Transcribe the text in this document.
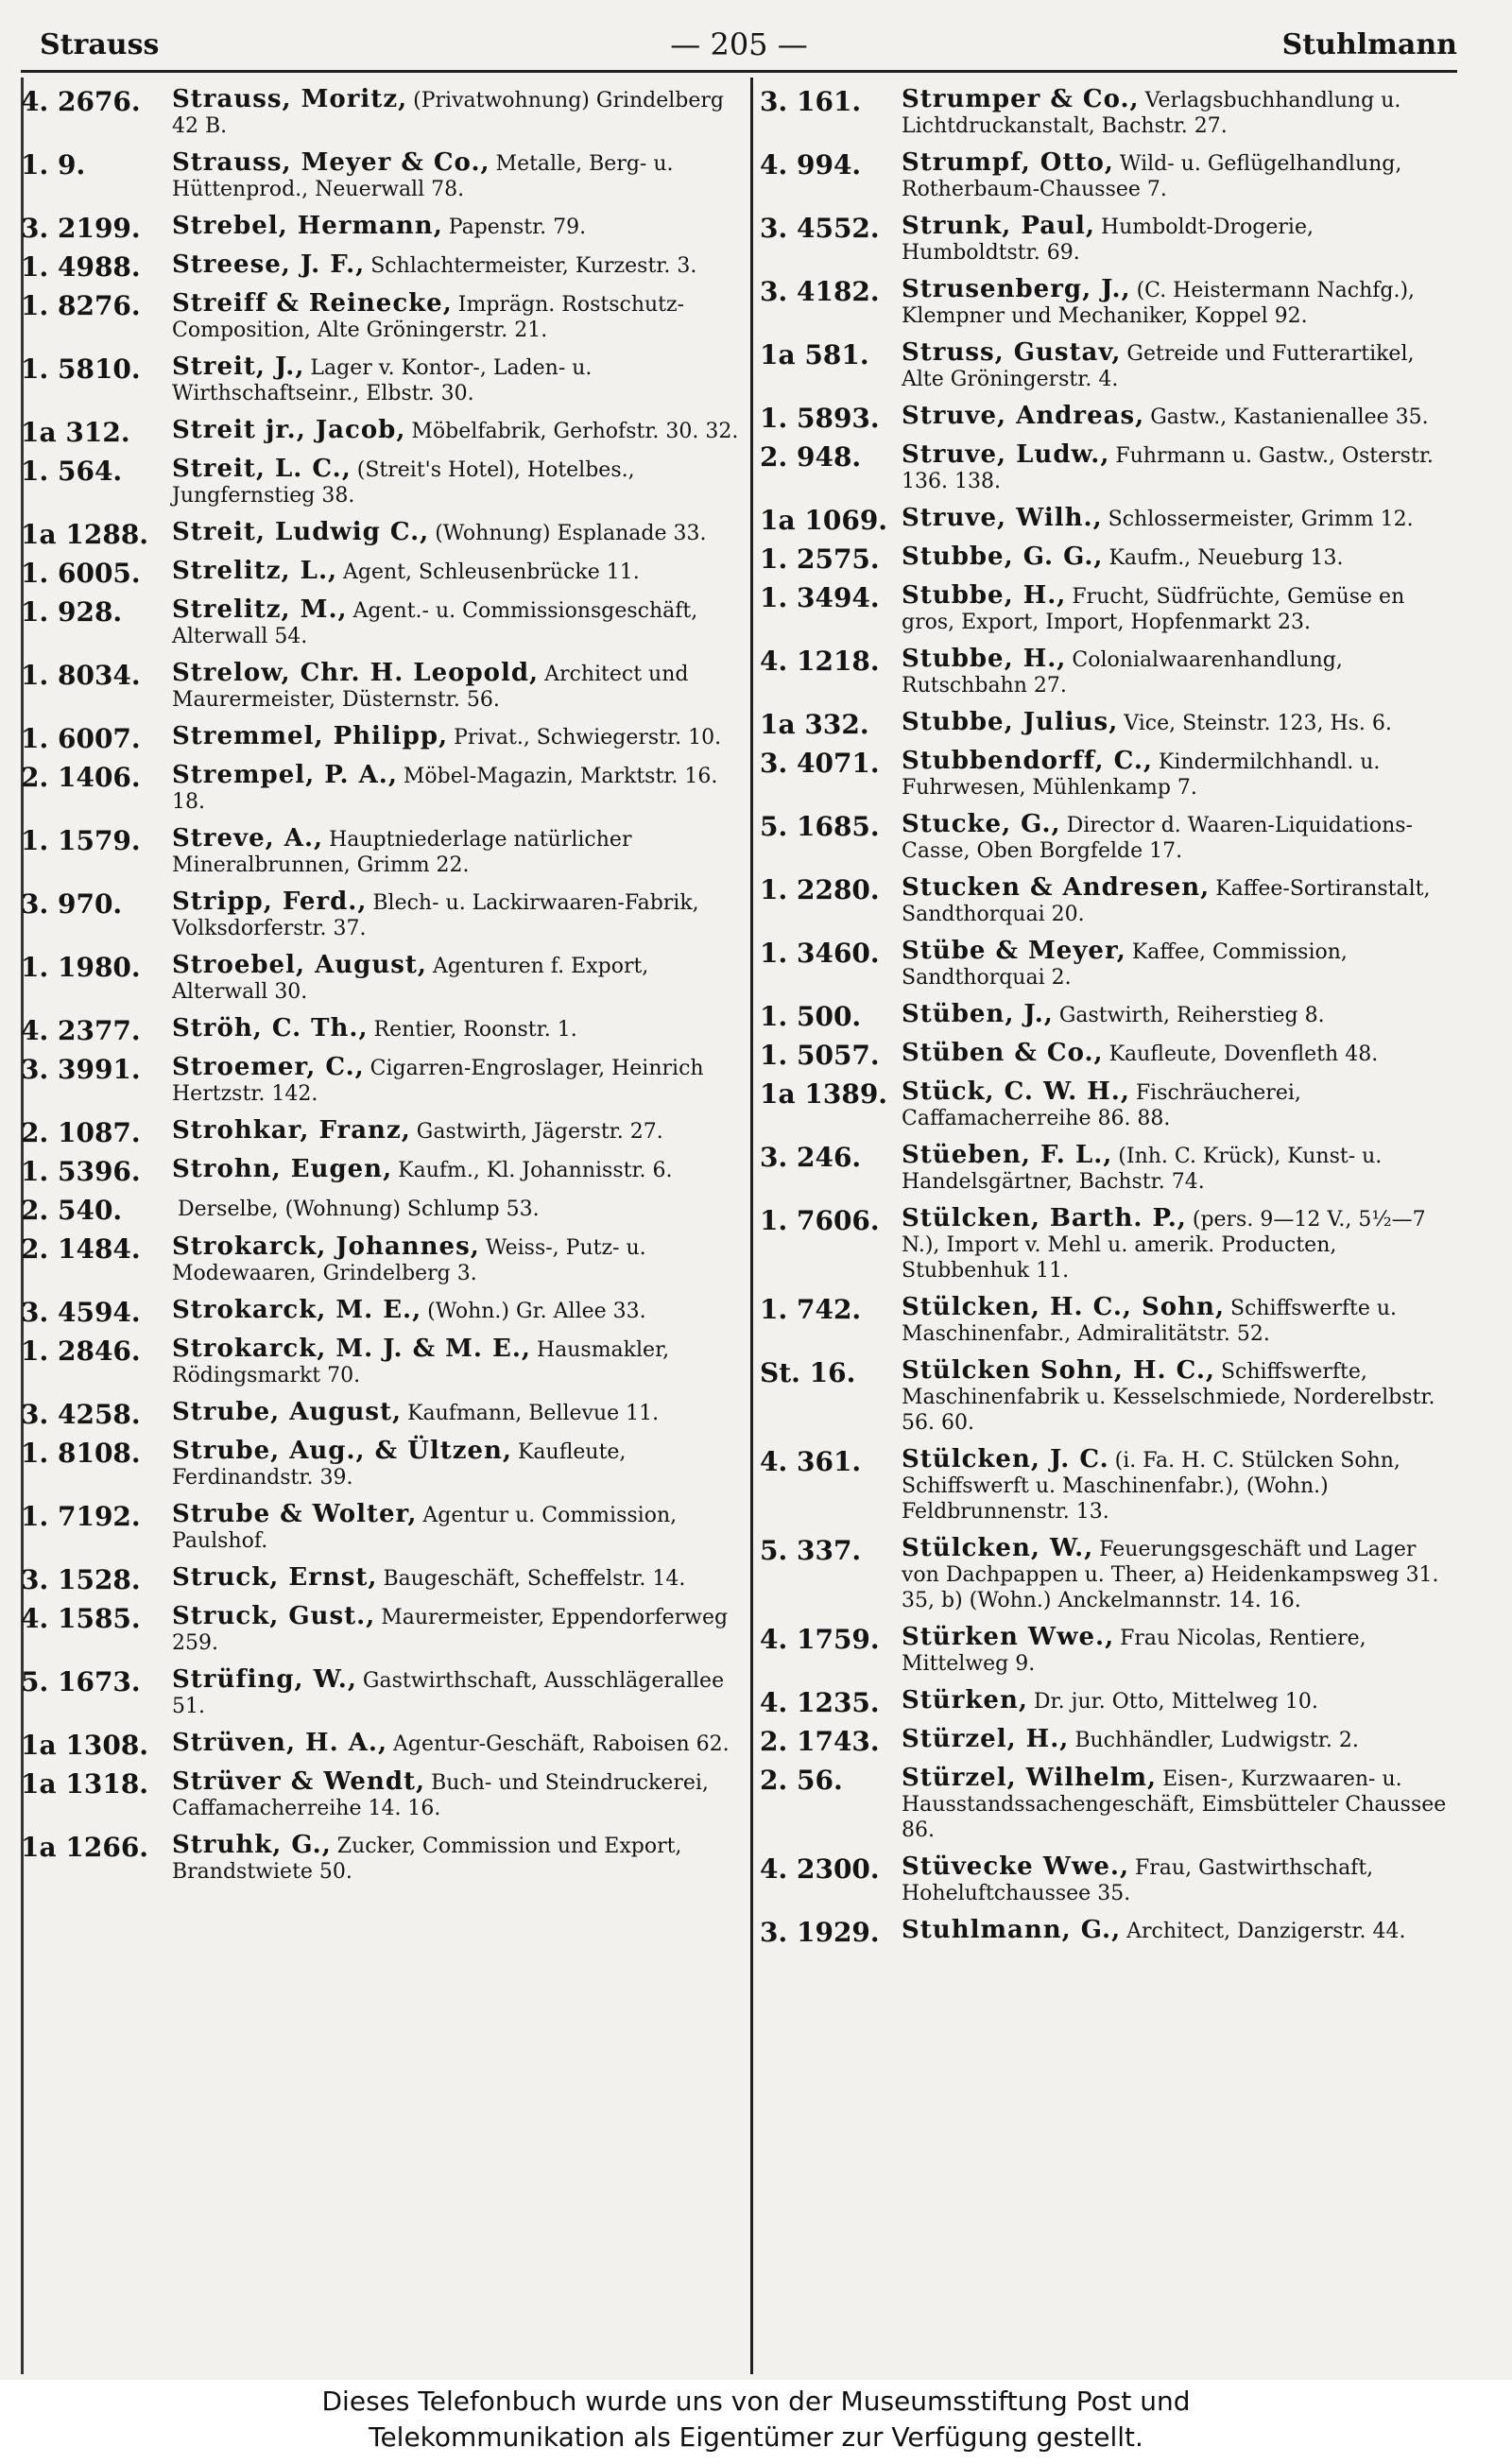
Strauss	— 205 —	Stuhlmann
4. 2676.	Strauss, Moritz, (Privatwohnung) Grindelberg 42 B.
1. 9.	Strauss, Meyer & Co., Metalle, Berg- u. Hüttenprod., Neuerwall 78.
3. 2199.	Strebel, Hermann, Papenstr. 79.
1. 4988.	Streese, J. F., Schlachtermeister, Kurzestr. 3.
1. 8276.	Streiff & Reinecke, Imprägn. Rostschutz-Composition, Alte Gröningerstr. 21.
1. 5810.	Streit, J., Lager v. Kontor-, Laden- u. Wirthschaftseinr., Elbstr. 30.
1a 312.	Streit jr., Jacob, Möbelfabrik, Gerhofstr. 30. 32.
1. 564.	Streit, L. C., (Streit's Hotel), Hotelbes., Jungfernstieg 38.
1a 1288. Streit, Ludwig C., (Wohnung) Esplanade 33.
1. 6005.	Strelitz, L., Agent, Schleusenbrücke 11.
1. 928.	Strelitz, M., Agent.- u. Commissionsgeschäft, Alterwall 54.
1. 8034.	Strelow, Chr. H. Leopold, Architect und Maurermeister, Düsternstr. 56.
1. 6007.	Stremmel, Philipp, Privat., Schwiegerstr. 10.
2. 1406.	Strempel, P. A., Möbel-Magazin, Marktstr. 16. 18.
1. 1579.	Streve, A., Hauptniederlage natürlicher Mineralbrunnen, Grimm 22.
3. 970.	Stripp, Ferd., Blech- u. Lackirwaaren-Fabrik, Volksdorferstr. 37.
1. 1980.	Stroebel, August, Agenturen f. Export, Alterwall 30.
4. 2377.	Ströh, C. Th., Rentier, Roonstr. 1.
3. 3991.	Stroemer, C., Cigarren-Engroslager, Heinrich Hertzstr. 142.
2. 1087.	Strohkar, Franz, Gastwirth, Jägerstr. 27.
1. 5396.	Strohn, Eugen, Kaufm., Kl. Johannisstr. 6.
2. 540.	Derselbe, (Wohnung) Schlump 53.
2. 1484.	Strokarck, Johannes, Weiss-, Putz- u. Modewaaren, Grindelberg 3.
3. 4594.	Strokarck, M. E., (Wohn.) Gr. Allee 33.
1. 2846.	Strokarck, M. J. & M. E., Hausmakler, Rödingsmarkt 70.
3. 4258.	Strube, August, Kaufmann, Bellevue 11.
1. 8108.	Strube, Aug., & Ültzen, Kaufleute, Ferdinandstr. 39.
1. 7192.	Strube & Wolter, Agentur u. Commission, Paulshof.
3. 1528.	Struck, Ernst, Baugeschäft, Scheffelstr. 14.
4. 1585.	Struck, Gust., Maurermeister, Eppendorferweg 259.
5. 1673.	Strüfing, W., Gastwirthschaft, Ausschlägerallee 51.
1a 1308. Strüven, H. A., Agentur-Geschäft, Raboisen 62.
1a 1318. Strüver & Wendt, Buch- und Steindruckerei, Caffamacherreihe 14. 16.
1a 1266. Struhk, G., Zucker, Commission und Export, Brandstwiete 50.
3. 161.	Strumper & Co., Verlagsbuchhandlung u. Lichtdruckanstalt, Bachstr. 27.
4. 994.	Strumpf, Otto, Wild- u. Geflügelhandlung, Rotherbaum-Chaussee 7.
3. 4552. Strunk, Paul, Humboldt-Drogerie, Humboldtstr. 69.
3. 4182. Strusenberg, J., (C. Heistermann Nachfg.), Klempner und Mechaniker, Koppel 92.
1a 581.	Struss, Gustav, Getreide und Futterartikel, Alte Gröningerstr. 4.
1. 5893. Struve, Andreas, Gastw., Kastanienallee 35.
2. 948.	Struve, Ludw., Fuhrmann u. Gastw., Osterstr. 136. 138.
1a 1069. Struve, Wilh., Schlossermeister, Grimm 12.
1. 2575. Stubbe, G. G., Kaufm., Neueburg 13.
1. 3494. Stubbe, H., Frucht, Südfrüchte, Gemüse en gros, Export, Import, Hopfenmarkt 23.
4. 1218. Stubbe, H., Colonialwaarenhandlung, Rutschbahn 27.
1a 332.	Stubbe, Julius, Vice, Steinstr. 123, Hs. 6.
3. 4071. Stubbendorff, C., Kindermilchhandl. u. Fuhrwesen, Mühlenkamp 7.
5. 1685. Stucke, G., Director d. Waaren-Liquidations-Casse, Oben Borgfelde 17.
1. 2280. Stucken & Andresen, Kaffee-Sortiranstalt, Sandthorquai 20.
1. 3460. Stübe & Meyer, Kaffee, Commission, Sandthorquai 2.
1. 500.	Stüben, J., Gastwirth, Reiherstieg 8.
1. 5057. Stüben & Co., Kaufleute, Dovenfleth 48.
1a 1389. Stück, C. W. H., Fischräucherei, Caffamacherreihe 86. 88.
3. 246.	Stüeben, F. L., (Inh. C. Krück), Kunst- u. Handelsgärtner, Bachstr. 74.
1. 7606. Stülcken, Barth. P., (pers. 9—12 V., 5½—7 N.), Import v. Mehl u. amerik. Producten, Stubbenhuk 11.
1. 742.	Stülcken, H. C., Sohn, Schiffswerfte u. Maschinenfabr., Admiralitätstr. 52.
St. 16.	Stülcken Sohn, H. C., Schiffswerfte, Maschinenfabrik u. Kesselschmiede, Norderelbstr. 56. 60.
4. 361.	Stülcken, J. C. (i. Fa. H. C. Stülcken Sohn, Schiffswerft u. Maschinenfabr.), (Wohn.) Feldbrunnenstr. 13.
5. 337.	Stülcken, W., Feuerungsgeschäft und Lager von Dachpappen u. Theer, a) Heidenkampsweg 31. 35, b) (Wohn.) Anckelmannstr. 14. 16.
4. 1759. Stürken Wwe., Frau Nicolas, Rentiere, Mittelweg 9.
4. 1235. Stürken, Dr. jur. Otto, Mittelweg 10.
2. 1743. Stürzel, H., Buchhändler, Ludwigstr. 2.
2. 56.	Stürzel, Wilhelm, Eisen-, Kurzwaaren- u. Hausstandssachengeschäft, Eimsbütteler Chaussee 86.
4. 2300. Stüvecke Wwe., Frau, Gastwirthschaft, Hoheluftchaussee 35.
3. 1929. Stuhlmann, G., Architect, Danzigerstr. 44.
Dieses Telefonbuch wurde uns von der Museumsstiftung Post und
Telekommunikation als Eigentümer zur Verfügung gestellt.
